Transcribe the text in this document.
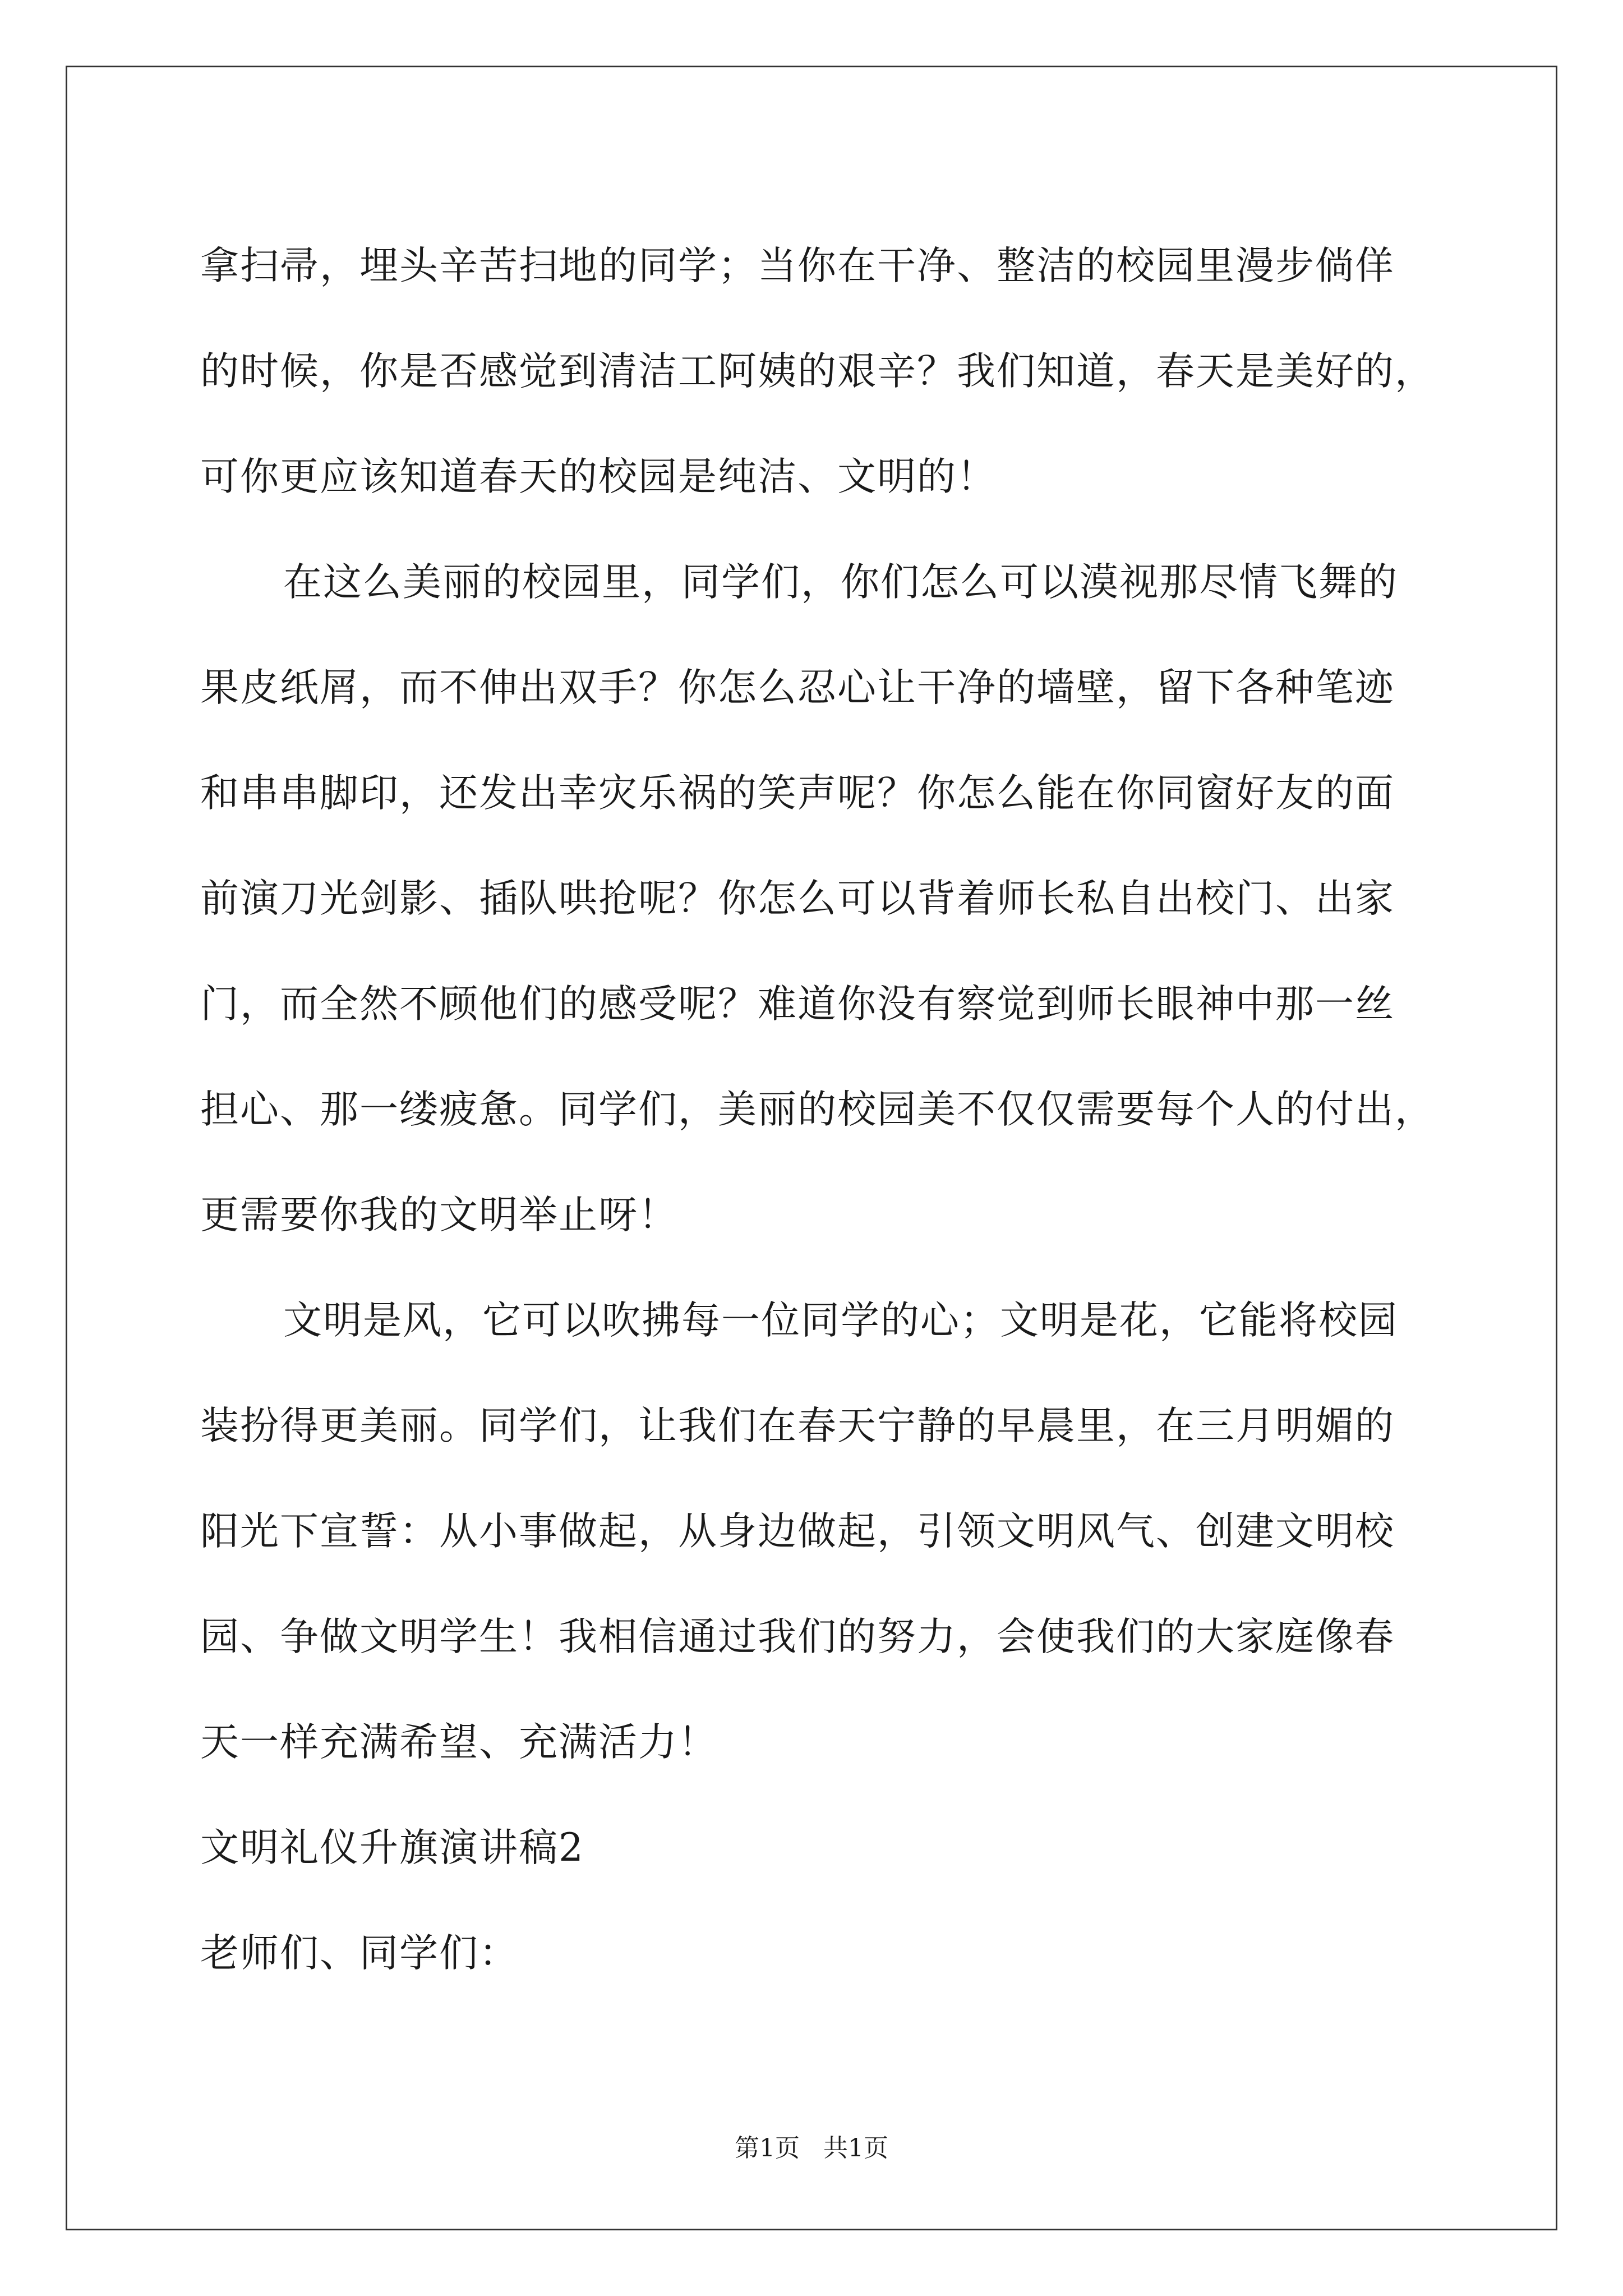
拿扫帚，埋头辛苦扫地的同学；当你在干净、整洁的校园里漫步倘佯
的时候，你是否感觉到清洁工阿姨的艰辛？我们知道，春天是美好的，
可你更应该知道春天的校园是纯洁、文明的！
在这么美丽的校园里，同学们，你们怎么可以漠视那尽情飞舞的
果皮纸屑，而不伸出双手？你怎么忍心让干净的墙壁，留下各种笔迹
和串串脚印，还发出幸灾乐祸的笑声呢？你怎么能在你同窗好友的面
前演刀光剑影、插队哄抢呢？你怎么可以背着师长私自出校门、出家
门，而全然不顾他们的感受呢？难道你没有察觉到师长眼神中那一丝
担心、那一缕疲惫。同学们，美丽的校园美不仅仅需要每个人的付出，
更需要你我的文明举止呀！
文明是风，它可以吹拂每一位同学的心；文明是花，它能将校园
装扮得更美丽。同学们，让我们在春天宁静的早晨里，在三月明媚的
阳光下宣誓：从小事做起，从身边做起，引领文明风气、创建文明校
园、争做文明学生！我相信通过我们的努力，会使我们的大家庭像春
天一样充满希望、充满活力！
文明礼仪升旗演讲稿2
老师们、同学们：
第1页   共1页
